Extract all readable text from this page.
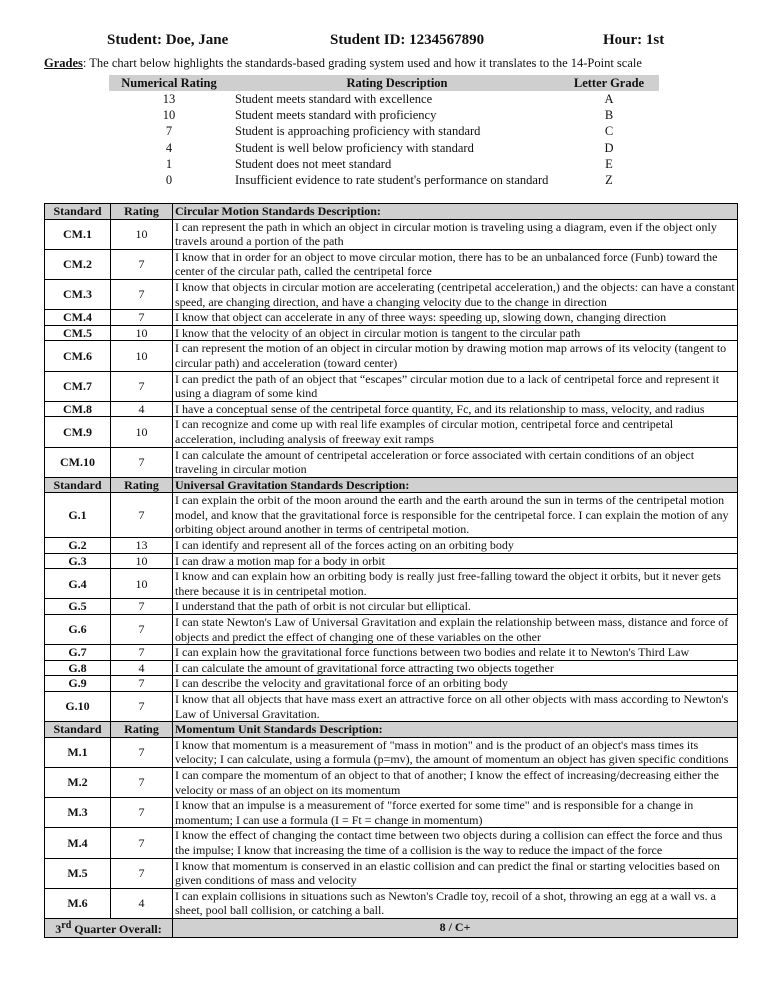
Student: Doe, Jane	Student ID: 1234567890	Hour: 1st
Grades: The chart below highlights the standards-based grading system used and how it translates to the 14-Point scale
Numerical Rating	Rating Description	Letter Grade
13	Student meets standard with excellence	A
10	Student meets standard with proficiency	B
7	Student is approaching proficiency with standard	C
4	Student is well below proficiency with standard	D
1	Student does not meet standard	E
0	Insufficient evidence to rate student's performance on standard	Z
Standard	Rating	Circular Motion Standards Description:
CM.1	10	I can represent the path in which an object in circular motion is traveling using a diagram, even if the object only travels around a portion of the path
CM.2	7	I know that in order for an object to move circular motion, there has to be an unbalanced force (Funb) toward the center of the circular path, called the centripetal force
CM.3	7	I know that objects in circular motion are accelerating (centripetal acceleration,) and the objects: can have a constant speed, are changing direction, and have a changing velocity due to the change in direction
CM.4	7	I know that object can accelerate in any of three ways: speeding up, slowing down, changing direction
CM.5	10	I know that the velocity of an object in circular motion is tangent to the circular path
CM.6	10	I can represent the motion of an object in circular motion by drawing motion map arrows of its velocity (tangent to circular path) and acceleration (toward center)
CM.7	7	I can predict the path of an object that “escapes” circular motion due to a lack of centripetal force and represent it using a diagram of some kind
CM.8	4	I have a conceptual sense of the centripetal force quantity, Fc, and its relationship to mass, velocity, and radius
CM.9	10	I can recognize and come up with real life examples of circular motion, centripetal force and centripetal acceleration, including analysis of freeway exit ramps
CM.10	7	I can calculate the amount of centripetal acceleration or force associated with certain conditions of an object traveling in circular motion
Standard	Rating	Universal Gravitation Standards Description:
G.1	7	I can explain the orbit of the moon around the earth and the earth around the sun in terms of the centripetal motion model, and know that the gravitational force is responsible for the centripetal force. I can explain the motion of any orbiting object around another in terms of centripetal motion.
G.2	13	I can identify and represent all of the forces acting on an orbiting body
G.3	10	I can draw a motion map for a body in orbit
G.4	10	I know and can explain how an orbiting body is really just free-falling toward the object it orbits, but it never gets there because it is in centripetal motion.
G.5	7	I understand that the path of orbit is not circular but elliptical.
G.6	7	I can state Newton's Law of Universal Gravitation and explain the relationship between mass, distance and force of objects and predict the effect of changing one of these variables on the other
G.7	7	I can explain how the gravitational force functions between two bodies and relate it to Newton's Third Law
G.8	4	I can calculate the amount of gravitational force attracting two objects together
G.9	7	I can describe the velocity and gravitational force of an orbiting body
G.10	7	I know that all objects that have mass exert an attractive force on all other objects with mass according to Newton's Law of Universal Gravitation.
Standard	Rating	Momentum Unit Standards Description:
M.1	7	I know that momentum is a measurement of "mass in motion" and is the product of an object's mass times its velocity; I can calculate, using a formula (p=mv), the amount of momentum an object has given specific conditions
M.2	7	I can compare the momentum of an object to that of another; I know the effect of increasing/decreasing either the velocity or mass of an object on its momentum
M.3	7	I know that an impulse is a measurement of "force exerted for some time" and is responsible for a change in momentum; I can use a formula (I = Ft = change in momentum)
M.4	7	I know the effect of changing the contact time between two objects during a collision can effect the force and thus the impulse; I know that increasing the time of a collision is the way to reduce the impact of the force
M.5	7	I know that momentum is conserved in an elastic collision and can predict the final or starting velocities based on given conditions of mass and velocity
M.6	4	I can explain collisions in situations such as Newton's Cradle toy, recoil of a shot, throwing an egg at a wall vs. a sheet, pool ball collision, or catching a ball.
3rd Quarter Overall:		8 / C+
